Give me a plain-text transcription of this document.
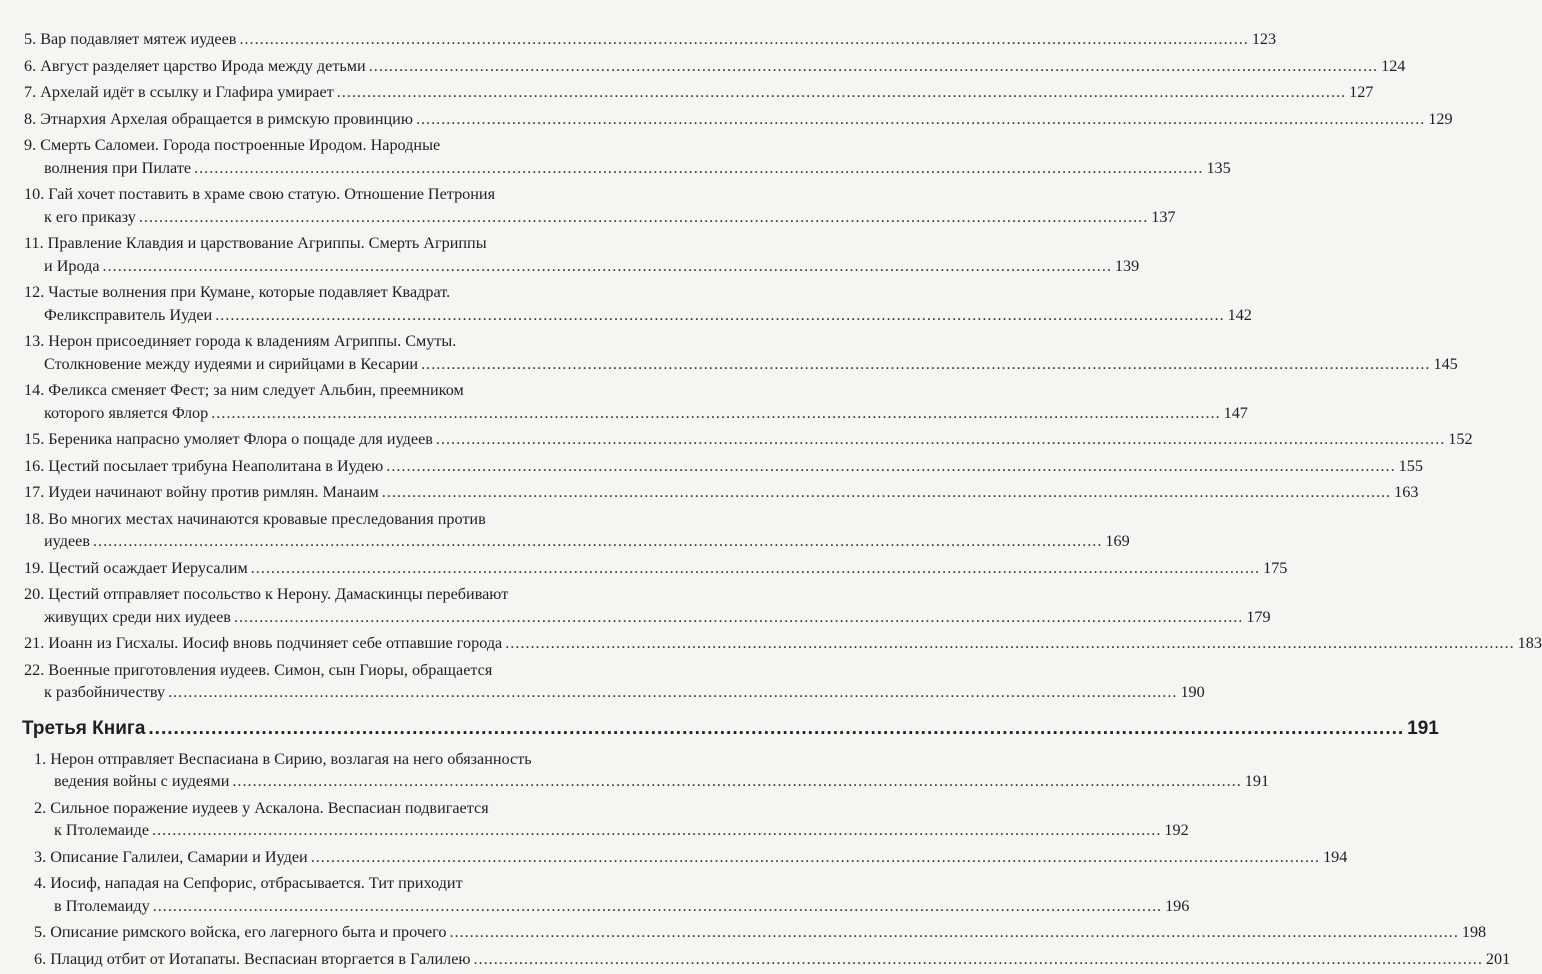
5. Вар подавляет мятеж иудеев ........................................................................................................................................................................................................ 123
6. Август разделяет царство Ирода между детьми ........................................................................................................................................................................................................ 124
7. Архелай идёт в ссылку и Глафира умирает ........................................................................................................................................................................................................ 127
8. Этнархия Архелая обращается в римскую провинцию ........................................................................................................................................................................................................ 129
9. Смерть Саломеи. Города построенные Иродом. Народные
волнения при Пилате ........................................................................................................................................................................................................ 135
10. Гай хочет поставить в храме свою статую. Отношение Петрония
к его приказу ........................................................................................................................................................................................................ 137
11. Правление Клавдия и царствование Агриппы. Смерть Агриппы
и Ирода ........................................................................................................................................................................................................ 139
12. Частые волнения при Кумане, которые подавляет Квадрат.
Феликсправитель Иудеи ........................................................................................................................................................................................................ 142
13. Нерон присоединяет города к владениям Агриппы. Смуты.
Столкновение между иудеями и сирийцами в Кесарии ........................................................................................................................................................................................................ 145
14. Феликса сменяет Фест; за ним следует Альбин, преемником
которого является Флор ........................................................................................................................................................................................................ 147
15. Береника напрасно умоляет Флора о пощаде для иудеев ........................................................................................................................................................................................................ 152
16. Цестий посылает трибуна Неаполитана в Иудею ........................................................................................................................................................................................................ 155
17. Иудеи начинают войну против римлян. Манаим ........................................................................................................................................................................................................ 163
18. Во многих местах начинаются кровавые преследования против
иудеев ........................................................................................................................................................................................................ 169
19. Цестий осаждает Иерусалим ........................................................................................................................................................................................................ 175
20. Цестий отправляет посольство к Нерону. Дамаскинцы перебивают
живущих среди них иудеев ........................................................................................................................................................................................................ 179
21. Иоанн из Гисхалы. Иосиф вновь подчиняет себе отпавшие города ........................................................................................................................................................................................................ 183
22. Военные приготовления иудеев. Симон, сын Гиоры, обращается
к разбойничеству ........................................................................................................................................................................................................ 190
Третья Книга ........................................................................................................................................................................................................ 191
1. Нерон отправляет Веспасиана в Сирию, возлагая на него обязанность
ведения войны с иудеями ........................................................................................................................................................................................................ 191
2. Сильное поражение иудеев у Аскалона. Веспасиан подвигается
к Птолемаиде ........................................................................................................................................................................................................ 192
3. Описание Галилеи, Самарии и Иудеи ........................................................................................................................................................................................................ 194
4. Иосиф, нападая на Сепфорис, отбрасывается. Тит приходит
в Птолемаиду ........................................................................................................................................................................................................ 196
5. Описание римского войска, его лагерного быта и прочего ........................................................................................................................................................................................................ 198
6. Плацид отбит от Иотапаты. Веспасиан вторгается в Галилею ........................................................................................................................................................................................................ 201
